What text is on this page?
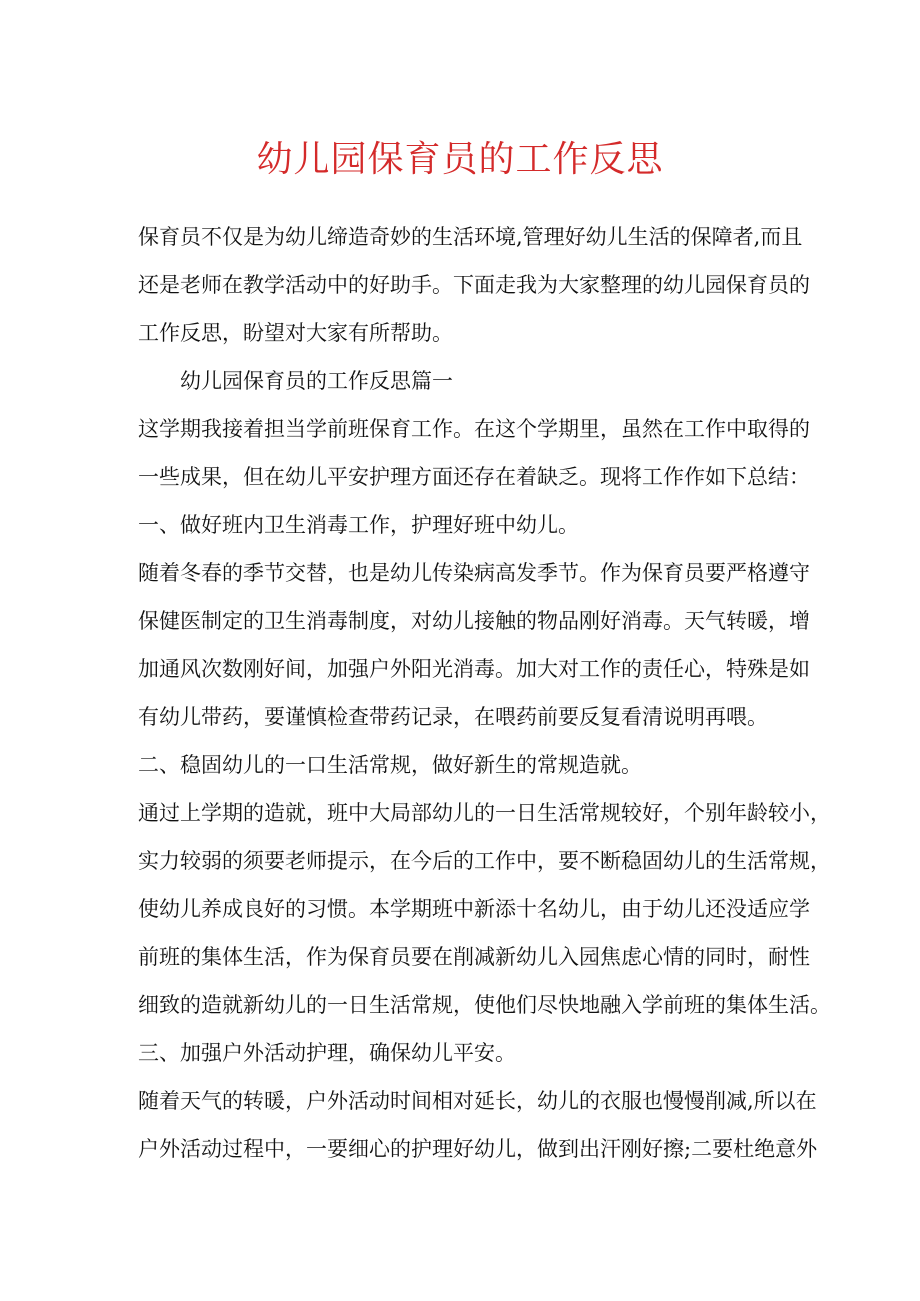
幼儿园保育员的工作反思
保育员不仅是为幼儿缔造奇妙的生活环境,管理好幼儿生活的保障者,而且
还是老师在教学活动中的好助手。下面走我为大家整理的幼儿园保育员的
工作反思，盼望对大家有所帮助。
幼儿园保育员的工作反思篇一
这学期我接着担当学前班保育工作。在这个学期里，虽然在工作中取得的
一些成果，但在幼儿平安护理方面还存在着缺乏。现将工作作如下总结：
一、做好班内卫生消毒工作，护理好班中幼儿。
随着冬春的季节交替，也是幼儿传染病高发季节。作为保育员要严格遵守
保健医制定的卫生消毒制度，对幼儿接触的物品刚好消毒。天气转暖，增
加通风次数刚好间，加强户外阳光消毒。加大对工作的责任心，特殊是如
有幼儿带药，要谨慎检查带药记录，在喂药前要反复看清说明再喂。
二、稳固幼儿的一口生活常规，做好新生的常规造就。
通过上学期的造就，班中大局部幼儿的一日生活常规较好，个别年龄较小，
实力较弱的须要老师提示，在今后的工作中，要不断稳固幼儿的生活常规，
使幼儿养成良好的习惯。本学期班中新添十名幼儿，由于幼儿还没适应学
前班的集体生活，作为保育员要在削减新幼儿入园焦虑心情的同时，耐性
细致的造就新幼儿的一日生活常规，使他们尽快地融入学前班的集体生活。
三、加强户外活动护理，确保幼儿平安。
随着天气的转暖，户外活动时间相对延长，幼儿的衣服也慢慢削减,所以在
户外活动过程中，一要细心的护理好幼儿，做到出汗刚好擦;二要杜绝意外
